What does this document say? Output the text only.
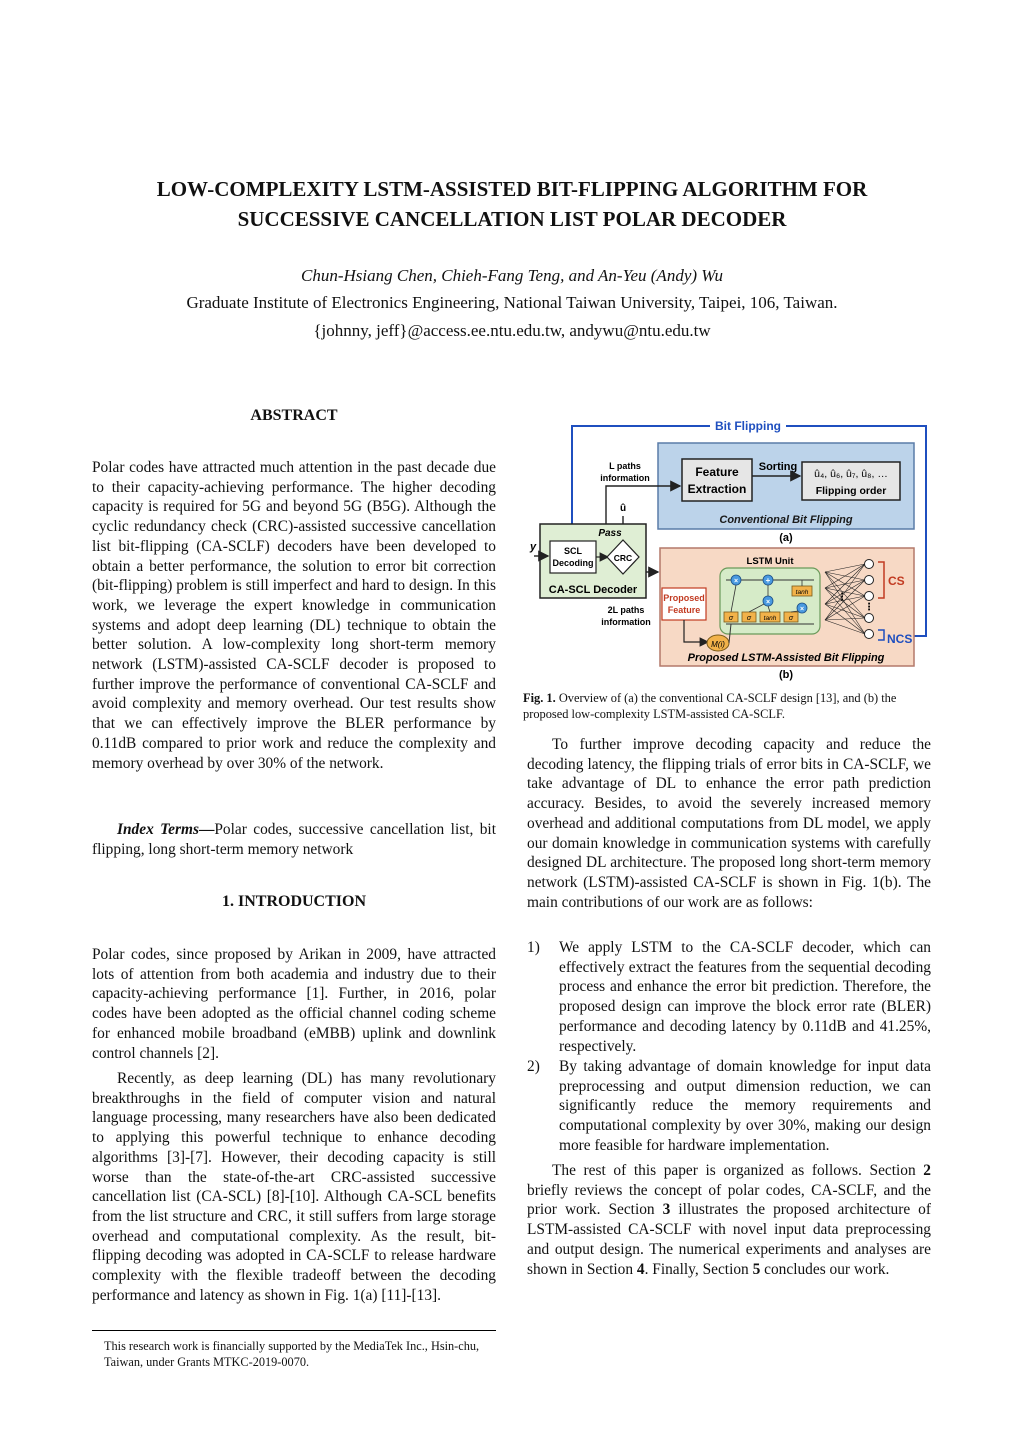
LOW-COMPLEXITY LSTM-ASSISTED BIT-FLIPPING ALGORITHM FOR
SUCCESSIVE CANCELLATION LIST POLAR DECODER
Chun-Hsiang Chen, Chieh-Fang Teng, and An-Yeu (Andy) Wu
Graduate Institute of Electronics Engineering, National Taiwan University, Taipei, 106, Taiwan.
{johnny, jeff}@access.ee.ntu.edu.tw, andywu@ntu.edu.tw
ABSTRACT

Polar codes have attracted much attention in the past decade due to their capacity-achieving performance. The higher decoding capacity is required for 5G and beyond 5G (B5G). Although the cyclic redundancy check (CRC)-assisted successive cancellation list bit-flipping (CA-SCLF) decoders have been developed to obtain a better performance, the solution to error bit correction (bit-flipping) problem is still imperfect and hard to design. In this work, we leverage the expert knowledge in communication systems and adopt deep learning (DL) technique to obtain the better solution. A low-complexity long short-term memory network (LSTM)-assisted CA-SCLF decoder is proposed to further improve the performance of conventional CA-SCLF and avoid complexity and memory overhead. Our test results show that we can effectively improve the BLER performance by 0.11dB compared to prior work and reduce the complexity and memory overhead by over 30% of the network.

Index Terms—Polar codes, successive cancellation list, bit flipping, long short-term memory network

1. INTRODUCTION

Polar codes, since proposed by Arikan in 2009, have attracted lots of attention from both academia and industry due to their capacity-achieving performance [1]. Further, in 2016, polar codes have been adopted as the official channel coding scheme for enhanced mobile broadband (eMBB) uplink and downlink control channels [2].

Recently, as deep learning (DL) has many revolutionary breakthroughs in the field of computer vision and natural language processing, many researchers have also been dedicated to applying this powerful technique to enhance decoding algorithms [3]-[7]. However, their decoding capacity is still worse than the state-of-the-art CRC-assisted successive cancellation list (CA-SCL) [8]-[10]. Although CA-SCL benefits from the list structure and CRC, it still suffers from large storage overhead and computational complexity. As the result, bit-flipping decoding was adopted in CA-SCLF to release hardware complexity with the flexible tradeoff between the decoding performance and latency as shown in Fig. 1(a) [11]-[13].

This research work is financially supported by the MediaTek Inc., Hsin-chu, Taiwan, under Grants MTKC-2019-0070.
Bit Flipping
Feature
Extraction
Sorting
û₄, û₆, û₇, û₈, …
Flipping order
Conventional Bit Flipping
(a)
L paths
information
û
y	SCL
Decoding CRC
Pass
CA-SCL Decoder
2L paths
information
Proposed
Feature
M(i)
LSTM Unit
×	+
×
×
tanh
σ σ tanh σ
⋮
⋮
CS
NCS
Proposed LSTM-Assisted Bit Flipping
(b)
Fig. 1. Overview of (a) the conventional CA-SCLF design [13], and (b) the proposed low-complexity LSTM-assisted CA-SCLF.

To further improve decoding capacity and reduce the decoding latency, the flipping trials of error bits in CA-SCLF, we take advantage of DL to enhance the error path prediction accuracy. Besides, to avoid the severely increased memory overhead and additional computations from DL model, we apply our domain knowledge in communication systems with carefully designed DL architecture. The proposed long short-term memory network (LSTM)-assisted CA-SCLF is shown in Fig. 1(b). The main contributions of our work are as follows:

1) We apply LSTM to the CA-SCLF decoder, which can effectively extract the features from the sequential decoding process and enhance the error bit prediction. Therefore, the proposed design can improve the block error rate (BLER) performance and decoding latency by 0.11dB and 41.25%, respectively.
2) By taking advantage of domain knowledge for input data preprocessing and output dimension reduction, we can significantly reduce the memory requirements and computational complexity by over 30%, making our design more feasible for hardware implementation.

The rest of this paper is organized as follows. Section 2 briefly reviews the concept of polar codes, CA-SCLF, and the prior work. Section 3 illustrates the proposed architecture of LSTM-assisted CA-SCLF with novel input data preprocessing and output design. The numerical experiments and analyses are shown in Section 4. Finally, Section 5 concludes our work.
